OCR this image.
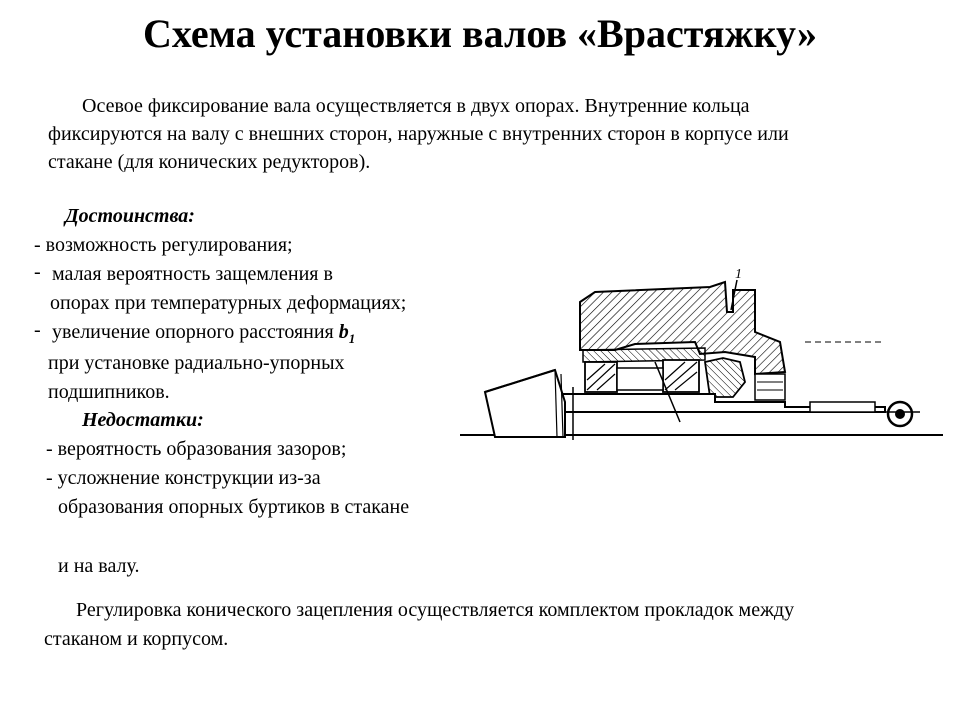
Схема установки валов «Врастяжку»
Осевое фиксирование вала осуществляется в двух опорах. Внутренние кольца
фиксируются на валу с внешних сторон, наружные с внутренних сторон в корпусе или
стакане (для конических редукторов).
Достоинства:
- возможность регулирования;
- малая вероятность защемления в
опорах при температурных деформациях;
- увеличение опорного расстояния $b_1$
при установке радиально-упорных
подшипников.
Недостатки:
- вероятность образования зазоров;
- усложнение конструкции из-за
образования опорных буртиков в стакане
и на валу.
Регулировка конического зацепления осуществляется комплектом прокладок между
стаканом и корпусом.
1
